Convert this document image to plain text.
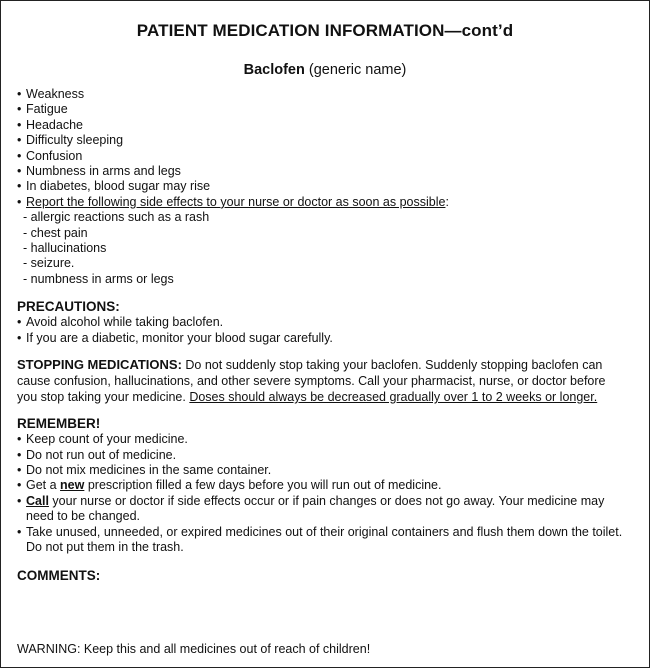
PATIENT MEDICATION INFORMATION—cont’d
Baclofen (generic name)
• Weakness
• Fatigue
• Headache
• Difficulty sleeping
• Confusion
• Numbness in arms and legs
• In diabetes, blood sugar may rise
• Report the following side effects to your nurse or doctor as soon as possible:
- allergic reactions such as a rash
- chest pain
- hallucinations
- seizure.
- numbness in arms or legs
PRECAUTIONS:
• Avoid alcohol while taking baclofen.
• If you are a diabetic, monitor your blood sugar carefully.
STOPPING MEDICATIONS: Do not suddenly stop taking your baclofen. Suddenly stopping baclofen can cause confusion, hallucinations, and other severe symptoms. Call your pharmacist, nurse, or doctor before you stop taking your medicine. Doses should always be decreased gradually over 1 to 2 weeks or longer.
REMEMBER!
• Keep count of your medicine.
• Do not run out of medicine.
• Do not mix medicines in the same container.
• Get a new prescription filled a few days before you will run out of medicine.
• Call your nurse or doctor if side effects occur or if pain changes or does not go away. Your medicine may need to be changed.
• Take unused, unneeded, or expired medicines out of their original containers and flush them down the toilet. Do not put them in the trash.
COMMENTS:
WARNING: Keep this and all medicines out of reach of children!
